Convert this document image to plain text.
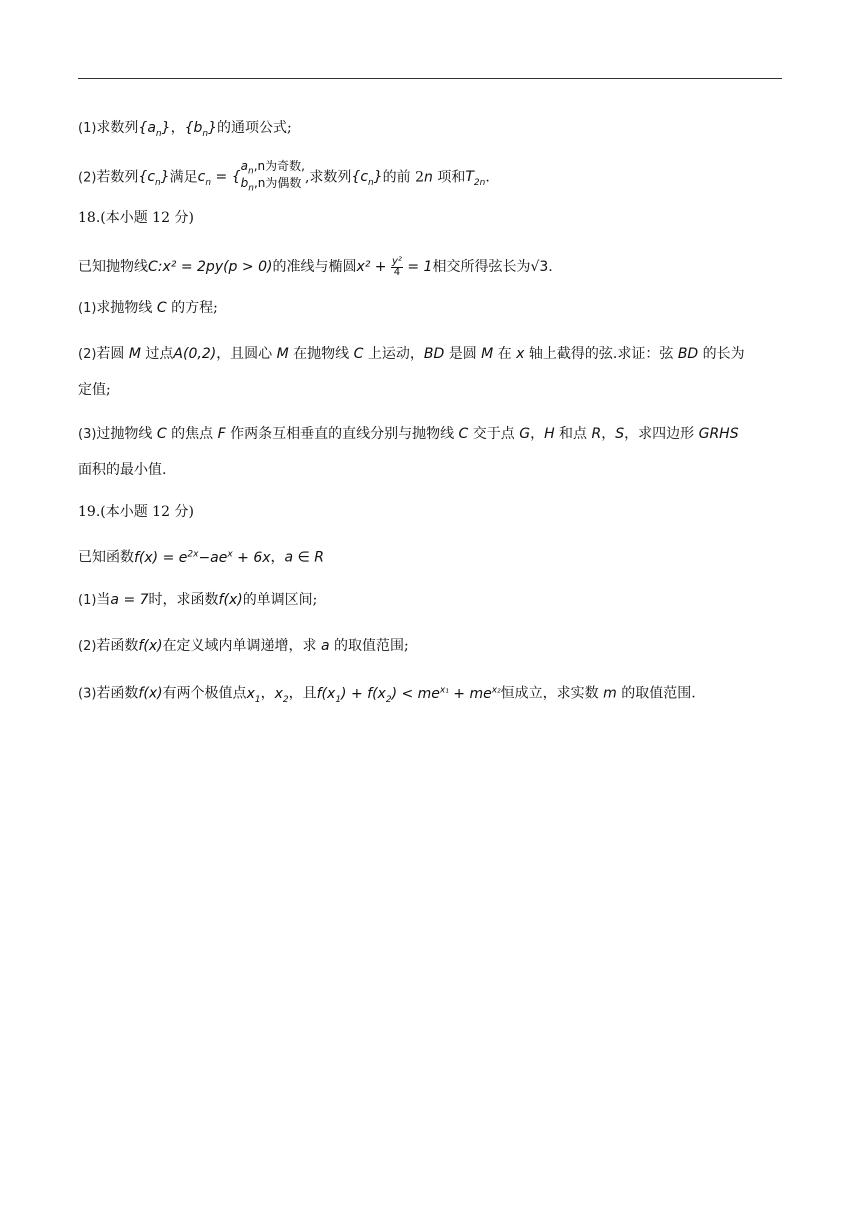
(1)求数列$\{a_n\}$，$\{b_n\}$的通项公式;
(2)若数列$\{c_n\}$满足$c_n$ = {
$a_n,n$为奇数,
$b_n,n$为偶数 ,求数列$\{c_n\}$的前 2n 项和$T_{2n}$.
18.(本小题 12 分)
已知抛物线C:x² = 2py(p > 0)的准线与椭圆$x^2 + \frac{\text{y²}}{4} = 1$相交所得弦长为√3.
(1)求抛物线 C 的方程;
(2)若圆 M 过点A(0,2)，且圆心 M 在抛物线 C 上运动，BD 是圆 M 在 x 轴上截得的弦.求证：弦 BD 的长为
定值;
(3)过抛物线 C 的焦点 F 作两条互相垂直的直线分别与抛物线 C 交于点 G，H 和点 R，S，求四边形 GRHS
面积的最小值.
19.(本小题 12 分)
已知函数$f(x) = e^{2x}-ae^x + 6x$，a ∈ R
(1)当a = 7时，求函数f(x)的单调区间;
(2)若函数f(x)在定义域内单调递增，求 a 的取值范围;
(3)若函数f(x)有两个极值点$x_1$，$x_2$，且$f(x_1) + f(x_2) < me^{x_1} + me^{x_2}$恒成立，求实数 m 的取值范围.
